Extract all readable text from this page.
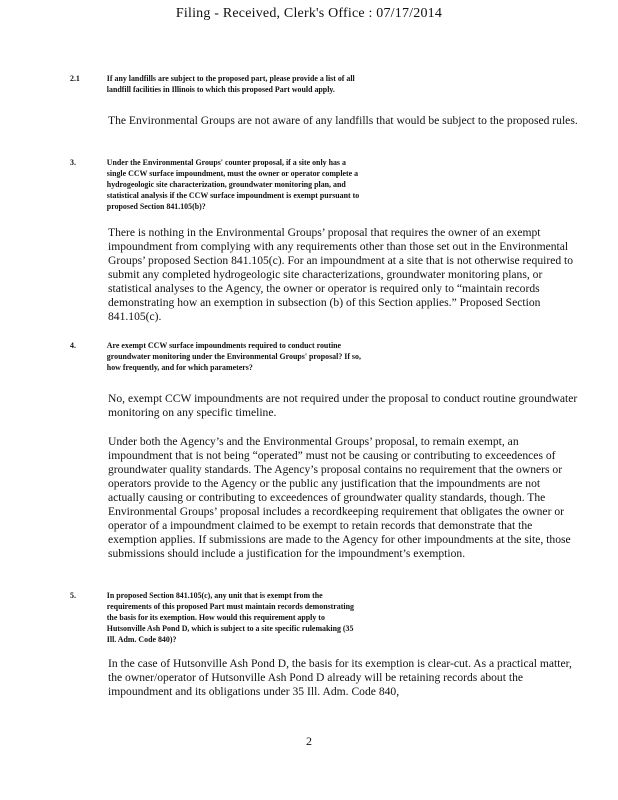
Filing - Received, Clerk's Office : 07/17/2014
2.1	If any landfills are subject to the proposed part, please provide a list of all landfill facilities in Illinois to which this proposed Part would apply.

The Environmental Groups are not aware of any landfills that would be subject to the proposed rules.

3.	Under the Environmental Groups' counter proposal, if a site only has a single CCW surface impoundment, must the owner or operator complete a hydrogeologic site characterization, groundwater monitoring plan, and statistical analysis if the CCW surface impoundment is exempt pursuant to proposed Section 841.105(b)?

There is nothing in the Environmental Groups’ proposal that requires the owner of an exempt impoundment from complying with any requirements other than those set out in the Environmental Groups’ proposed Section 841.105(c). For an impoundment at a site that is not otherwise required to submit any completed hydrogeologic site characterizations, groundwater monitoring plans, or statistical analyses to the Agency, the owner or operator is required only to “maintain records demonstrating how an exemption in subsection (b) of this Section applies.” Proposed Section 841.105(c).

4.	Are exempt CCW surface impoundments required to conduct routine groundwater monitoring under the Environmental Groups' proposal? If so, how frequently, and for which parameters?

No, exempt CCW impoundments are not required under the proposal to conduct routine groundwater monitoring on any specific timeline.

Under both the Agency’s and the Environmental Groups’ proposal, to remain exempt, an impoundment that is not being “operated” must not be causing or contributing to exceedences of groundwater quality standards. The Agency’s proposal contains no requirement that the owners or operators provide to the Agency or the public any justification that the impoundments are not actually causing or contributing to exceedences of groundwater quality standards, though. The Environmental Groups’ proposal includes a recordkeeping requirement that obligates the owner or operator of a impoundment claimed to be exempt to retain records that demonstrate that the exemption applies. If submissions are made to the Agency for other impoundments at the site, those submissions should include a justification for the impoundment’s exemption.

5.	In proposed Section 841.105(c), any unit that is exempt from the requirements of this proposed Part must maintain records demonstrating the basis for its exemption. How would this requirement apply to Hutsonville Ash Pond D, which is subject to a site specific rulemaking (35 Ill. Adm. Code 840)?

In the case of Hutsonville Ash Pond D, the basis for its exemption is clear-cut. As a practical matter, the owner/operator of Hutsonville Ash Pond D already will be retaining records about the impoundment and its obligations under 35 Ill. Adm. Code 840,

2
